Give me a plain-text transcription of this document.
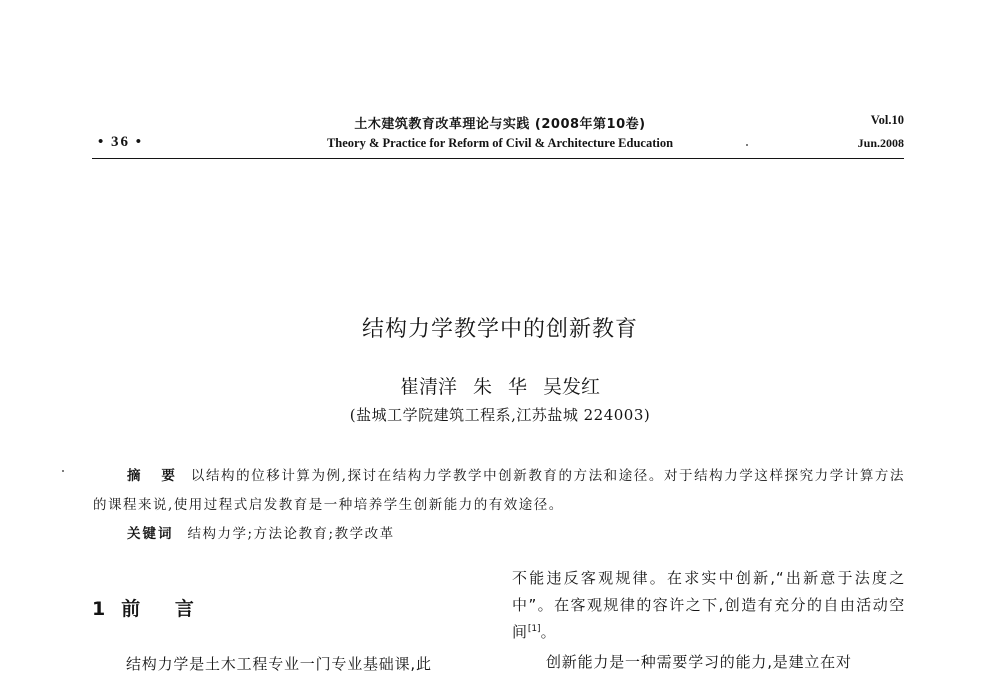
土木建筑教育改革理论与实践 (2008年第10卷)
Theory & Practice for Reform of Civil & Architecture Education
• 36 •
Vol.10
Jun.2008
结构力学教学中的创新教育
崔清洋 朱 华 吴发红
(盐城工学院建筑工程系,江苏盐城 224003)
摘 要 以结构的位移计算为例,探讨在结构力学教学中创新教育的方法和途径。对于结构力学这样探究力学计算方法的课程来说,使用过程式启发教育是一种培养学生创新能力的有效途径。
关键词 结构力学;方法论教育;教学改革
1 前 言
结构力学是土木工程专业一门专业基础课,此

不能违反客观规律。在求实中创新,“出新意于法度之中”。在客观规律的容许之下,创造有充分的自由活动空间[1]。

创新能力是一种需要学习的能力,是建立在对
